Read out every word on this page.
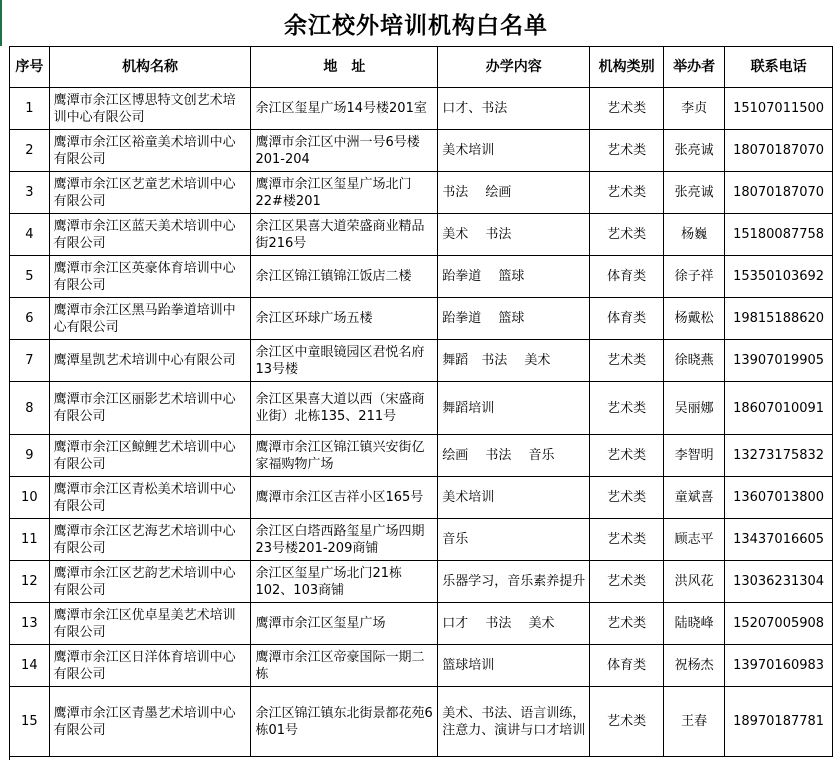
余江校外培训机构白名单
序号	机构名称	地　址	办学内容	机构类别	举办者	联系电话
1	鹰潭市余江区博思特文创艺术培训中心有限公司	余江区玺星广场14号楼201室	口才、书法	艺术类	李贞	15107011500
2	鹰潭市余江区裕童美术培训中心有限公司	鹰潭市余江区中洲一号6号楼201-204	美术培训	艺术类	张亮诚	18070187070
3	鹰潭市余江区艺童艺术培训中心有限公司	鹰潭市余江区玺星广场北门22#楼201	书法　 绘画	艺术类	张亮诚	18070187070
4	鹰潭市余江区蓝天美术培训中心有限公司	余江区果喜大道荣盛商业精品街216号	美术　 书法	艺术类	杨巍	15180087758
5	鹰潭市余江区英豪体育培训中心有限公司	余江区锦江镇锦江饭店二楼	跆拳道　 篮球	体育类	徐子祥	15350103692
6	鹰潭市余江区黑马跆拳道培训中心有限公司	余江区环球广场五楼	跆拳道　 篮球	体育类	杨戴松	19815188620
7	鹰潭星凯艺术培训中心有限公司	余江区中童眼镜园区君悦名府13号楼	舞蹈　书法　 美术	艺术类	徐晓燕	13907019905
8	鹰潭市余江区丽影艺术培训中心有限公司	余江区果喜大道以西（宋盛商业街）北栋135、211号	舞蹈培训	艺术类	吴丽娜	18607010091
9	鹰潭市余江区鲸鲤艺术培训中心有限公司	鹰潭市余江区锦江镇兴安街亿家福购物广场	绘画　 书法　 音乐	艺术类	李智明	13273175832
10	鹰潭市余江区青松美术培训中心有限公司	鹰潭市余江区吉祥小区165号	美术培训	艺术类	童斌喜	13607013800
11	鹰潭市余江区艺海艺术培训中心有限公司	余江区白塔西路玺星广场四期23号楼201-209商铺	音乐	艺术类	顾志平	13437016605
12	鹰潭市余江区艺韵艺术培训中心有限公司	余江区玺星广场北门21栋102、103商铺	乐器学习，音乐素养提升	艺术类	洪风花	13036231304
13	鹰潭市余江区优卓星美艺术培训有限公司	鹰潭市余江区玺星广场	口才　 书法　 美术	艺术类	陆晓峰	15207005908
14	鹰潭市余江区日洋体育培训中心有限公司	鹰潭市余江区帝豪国际一期二栋	篮球培训	体育类	祝杨杰	13970160983
15	鹰潭市余江区青墨艺术培训中心有限公司	余江区锦江镇东北街景都花苑6栋01号	美术、书法、语言训练，注意力、演讲与口才培训	艺术类	王春	18970187781
